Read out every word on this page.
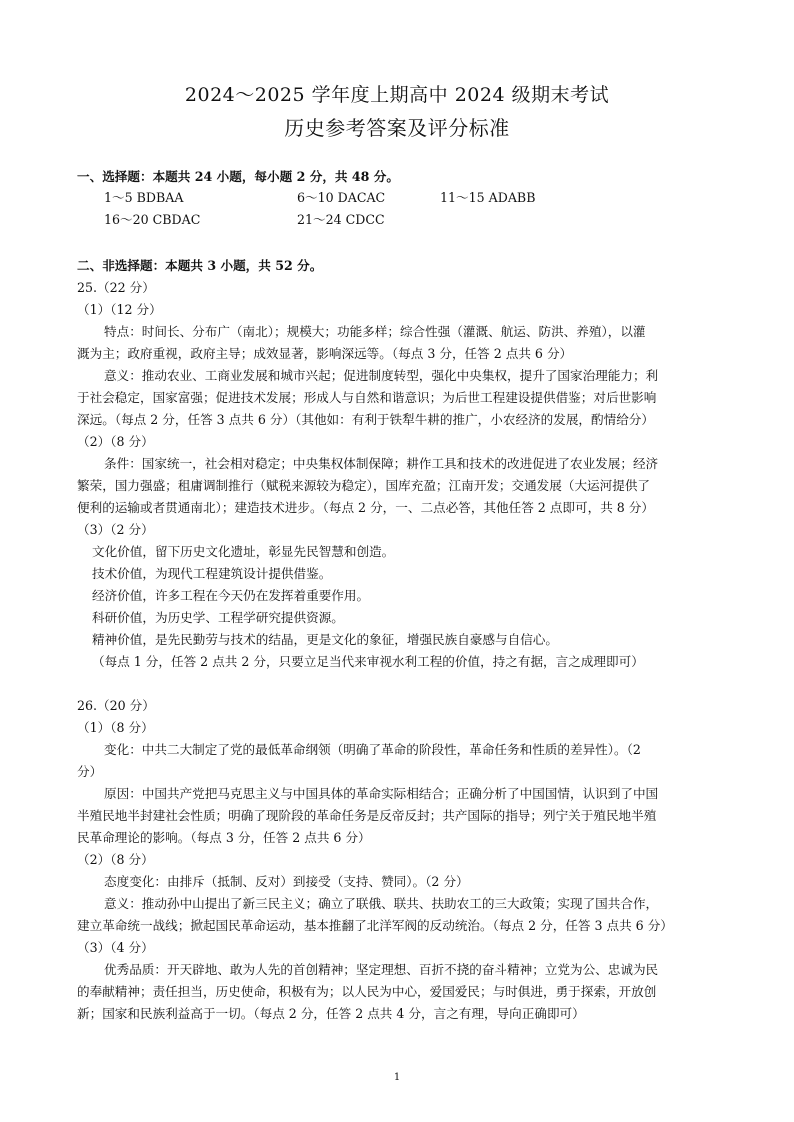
2024～2025 学年度上期高中 2024 级期末考试
历史参考答案及评分标准
一、选择题：本题共 24 小题，每小题 2 分，共 48 分。
1～5 BDBAA	6～10 DACAC	11～15 ADABB
16～20 CBDAC	21～24 CDCC
二、非选择题：本题共 3 小题，共 52 分。
25.（22 分）
（1）（12 分）
特点：时间长、分布广（南北）；规模大；功能多样；综合性强（灌溉、航运、防洪、养殖），以灌
溉为主；政府重视，政府主导；成效显著，影响深远等。（每点 3 分，任答 2 点共 6 分）
意义：推动农业、工商业发展和城市兴起；促进制度转型，强化中央集权，提升了国家治理能力；利
于社会稳定，国家富强；促进技术发展；形成人与自然和谐意识；为后世工程建设提供借鉴；对后世影响
深远。（每点 2 分，任答 3 点共 6 分）（其他如：有利于铁犁牛耕的推广，小农经济的发展，酌情给分）
（2）（8 分）
条件：国家统一，社会相对稳定；中央集权体制保障；耕作工具和技术的改进促进了农业发展；经济
繁荣，国力强盛；租庸调制推行（赋税来源较为稳定），国库充盈；江南开发；交通发展（大运河提供了
便利的运输或者贯通南北）；建造技术进步。（每点 2 分，一、二点必答，其他任答 2 点即可，共 8 分）
（3）（2 分）
文化价值，留下历史文化遗址，彰显先民智慧和创造。
技术价值，为现代工程建筑设计提供借鉴。
经济价值，许多工程在今天仍在发挥着重要作用。
科研价值，为历史学、工程学研究提供资源。
精神价值，是先民勤劳与技术的结晶，更是文化的象征，增强民族自豪感与自信心。
（每点 1 分，任答 2 点共 2 分，只要立足当代来审视水利工程的价值，持之有据，言之成理即可）
26.（20 分）
（1）（8 分）
变化：中共二大制定了党的最低革命纲领（明确了革命的阶段性，革命任务和性质的差异性）。（2
分）
原因：中国共产党把马克思主义与中国具体的革命实际相结合；正确分析了中国国情，认识到了中国
半殖民地半封建社会性质；明确了现阶段的革命任务是反帝反封；共产国际的指导；列宁关于殖民地半殖
民革命理论的影响。（每点 3 分，任答 2 点共 6 分）
（2）（8 分）
态度变化：由排斥（抵制、反对）到接受（支持、赞同）。（2 分）
意义：推动孙中山提出了新三民主义；确立了联俄、联共、扶助农工的三大政策；实现了国共合作，
建立革命统一战线；掀起国民革命运动，基本推翻了北洋军阀的反动统治。（每点 2 分，任答 3 点共 6 分）
（3）（4 分）
优秀品质：开天辟地、敢为人先的首创精神；坚定理想、百折不挠的奋斗精神；立党为公、忠诚为民
的奉献精神；责任担当，历史使命，积极有为；以人民为中心，爱国爱民；与时俱进，勇于探索，开放创
新；国家和民族利益高于一切。（每点 2 分，任答 2 点共 4 分，言之有理，导向正确即可）
1
